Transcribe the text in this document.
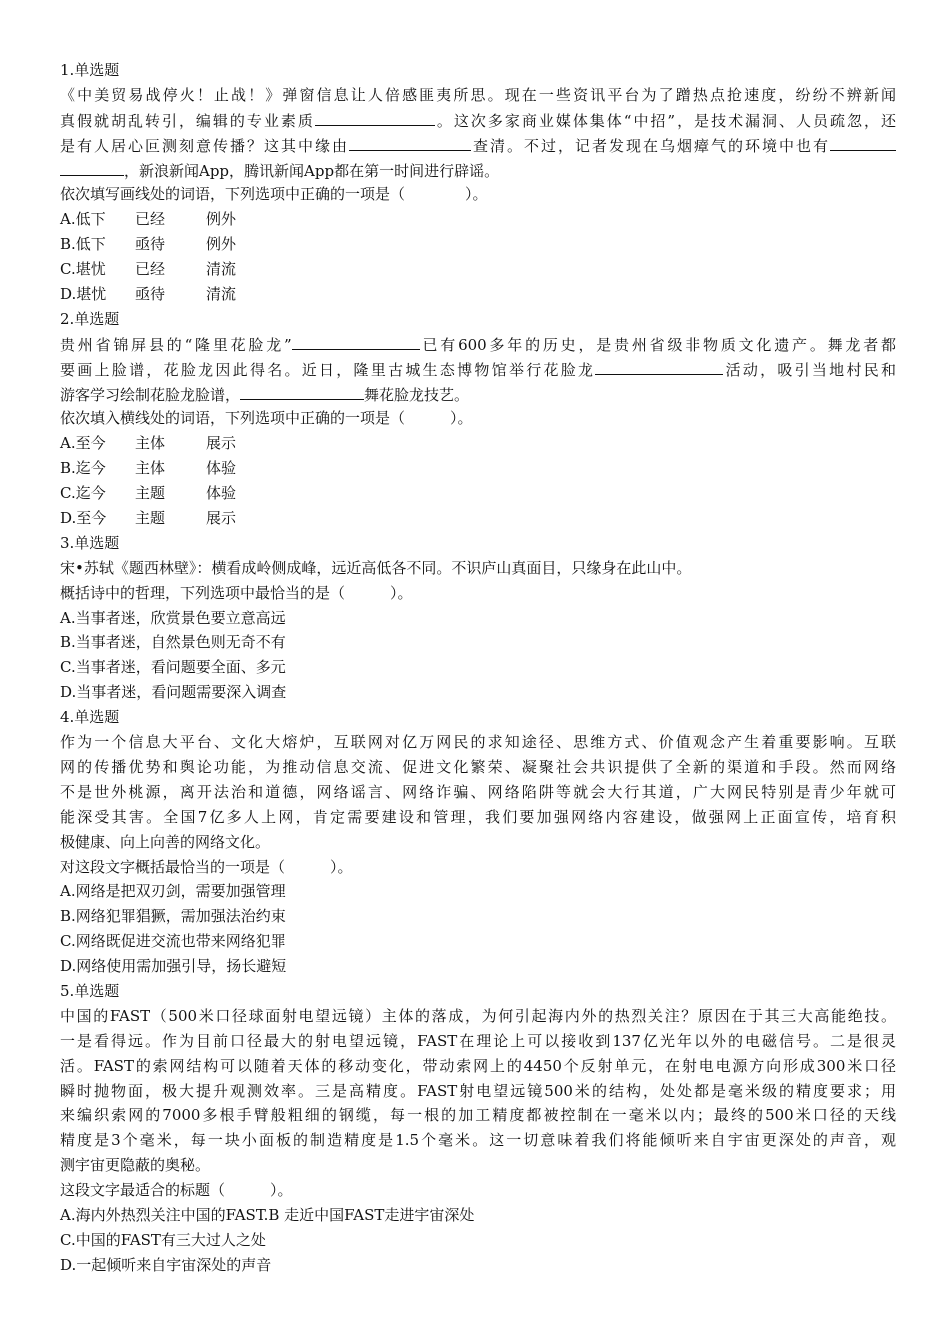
1.单选题
《中美贸易战停火！止战！》弹窗信息让人倍感匪夷所思。现在一些资讯平台为了蹭热点抢速度，纷纷不辨新闻
真假就胡乱转引，编辑的专业素质	。这次多家商业媒体集体“中招”，是技术漏洞、人员疏忽，还
是有人居心叵测刻意传播？这其中缘由	查清。不过，记者发现在乌烟瘴气的环境中也有
，新浪新闻App，腾讯新闻App都在第一时间进行辟谣。
依次填写画线处的词语，下列选项中正确的一项是（　　　　）。
A.低下 已经	例外
B.低下 亟待	例外
C.堪忧 已经	清流
D.堪忧 亟待	清流
2.单选题
贵州省锦屏县的“隆里花脸龙”	已有600多年的历史，是贵州省级非物质文化遗产。舞龙者都
要画上脸谱，花脸龙因此得名。近日，隆里古城生态博物馆举行花脸龙	活动，吸引当地村民和
游客学习绘制花脸龙脸谱，	舞花脸龙技艺。
依次填入横线处的词语，下列选项中正确的一项是（　　　）。
A.至今 主体	展示
B.迄今 主体	体验
C.迄今 主题	体验
D.至今 主题	展示
3.单选题
宋•苏轼《题西林壁》：横看成岭侧成峰，远近高低各不同。不识庐山真面目，只缘身在此山中。
概括诗中的哲理，下列选项中最恰当的是（　　　）。
A.当事者迷，欣赏景色要立意高远
B.当事者迷，自然景色则无奇不有
C.当事者迷，看问题要全面、多元
D.当事者迷，看问题需要深入调查
4.单选题
作为一个信息大平台、文化大熔炉，互联网对亿万网民的求知途径、思维方式、价值观念产生着重要影响。互联
网的传播优势和舆论功能，为推动信息交流、促进文化繁荣、凝聚社会共识提供了全新的渠道和手段。然而网络
不是世外桃源，离开法治和道德，网络谣言、网络诈骗、网络陷阱等就会大行其道，广大网民特别是青少年就可
能深受其害。全国7亿多人上网，肯定需要建设和管理，我们要加强网络内容建设，做强网上正面宣传，培育积
极健康、向上向善的网络文化。
对这段文字概括最恰当的一项是（　　　）。
A.网络是把双刃剑，需要加强管理
B.网络犯罪猖獗，需加强法治约束
C.网络既促进交流也带来网络犯罪
D.网络使用需加强引导，扬长避短
5.单选题
中国的FAST（500米口径球面射电望远镜）主体的落成，为何引起海内外的热烈关注？原因在于其三大高能绝技。
一是看得远。作为目前口径最大的射电望远镜，FAST在理论上可以接收到137亿光年以外的电磁信号。二是很灵
活。FAST的索网结构可以随着天体的移动变化，带动索网上的4450个反射单元，在射电电源方向形成300米口径
瞬时抛物面，极大提升观测效率。三是高精度。FAST射电望远镜500米的结构，处处都是毫米级的精度要求；用
来编织索网的7000多根手臂般粗细的钢缆，每一根的加工精度都被控制在一毫米以内；最终的500米口径的天线
精度是3个毫米，每一块小面板的制造精度是1.5个毫米。这一切意味着我们将能倾听来自宇宙更深处的声音，观
测宇宙更隐蔽的奥秘。
这段文字最适合的标题（　　　）。
A.海内外热烈关注中国的FAST.B 走近中国FAST走进宇宙深处
C.中国的FAST有三大过人之处
D.一起倾听来自宇宙深处的声音
